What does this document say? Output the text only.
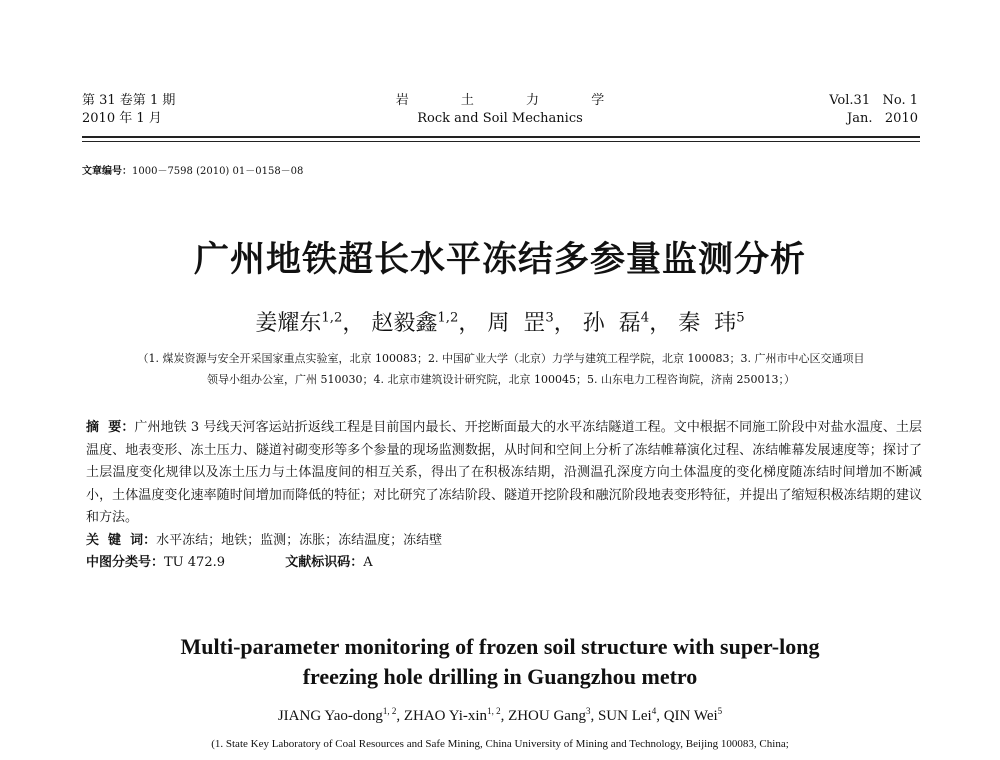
第 31 卷第 1 期
2010 年 1 月
岩 土 力 学
Rock and Soil Mechanics
Vol.31   No. 1
Jan.   2010
文章编号：1000－7598 (2010) 01－0158－08
广州地铁超长水平冻结多参量监测分析
姜耀东$^{1,2}$， 赵毅鑫$^{1,2}$， 周  罡$^3$， 孙  磊$^4$， 秦  玮$^5$
（1. 煤炭资源与安全开采国家重点实验室，北京 100083；2. 中国矿业大学（北京）力学与建筑工程学院，北京 100083；3. 广州市中心区交通项目
领导小组办公室，广州 510030；4. 北京市建筑设计研究院，北京 100045；5. 山东电力工程咨询院，济南 250013；）
摘  要：广州地铁 3 号线天河客运站折返线工程是目前国内最长、开挖断面最大的水平冻结隧道工程。文中根据不同施工阶段中对盐水温度、土层温度、地表变形、冻土压力、隧道衬砌变形等多个参量的现场监测数据，从时间和空间上分析了冻结帷幕演化过程、冻结帷幕发展速度等；探讨了土层温度变化规律以及冻土压力与土体温度间的相互关系，得出了在积极冻结期，沿测温孔深度方向土体温度的变化梯度随冻结时间增加不断减小，土体温度变化速率随时间增加而降低的特征；对比研究了冻结阶段、隧道开挖阶段和融沉阶段地表变形特征，并提出了缩短积极冻结期的建议和方法。
关  键  词：水平冻结；地铁；监测；冻胀；冻结温度；冻结壁
中图分类号：TU 472.9	文献标识码：A
Multi-parameter monitoring of frozen soil structure with super-long
freezing hole drilling in Guangzhou metro
JIANG Yao-dong$^{1, 2}$, ZHAO Yi-xin$^{1, 2}$, ZHOU Gang$^3$, SUN Lei$^4$, QIN Wei$^5$
(1. State Key Laboratory of Coal Resources and Safe Mining, China University of Mining and Technology, Beijing 100083, China;
